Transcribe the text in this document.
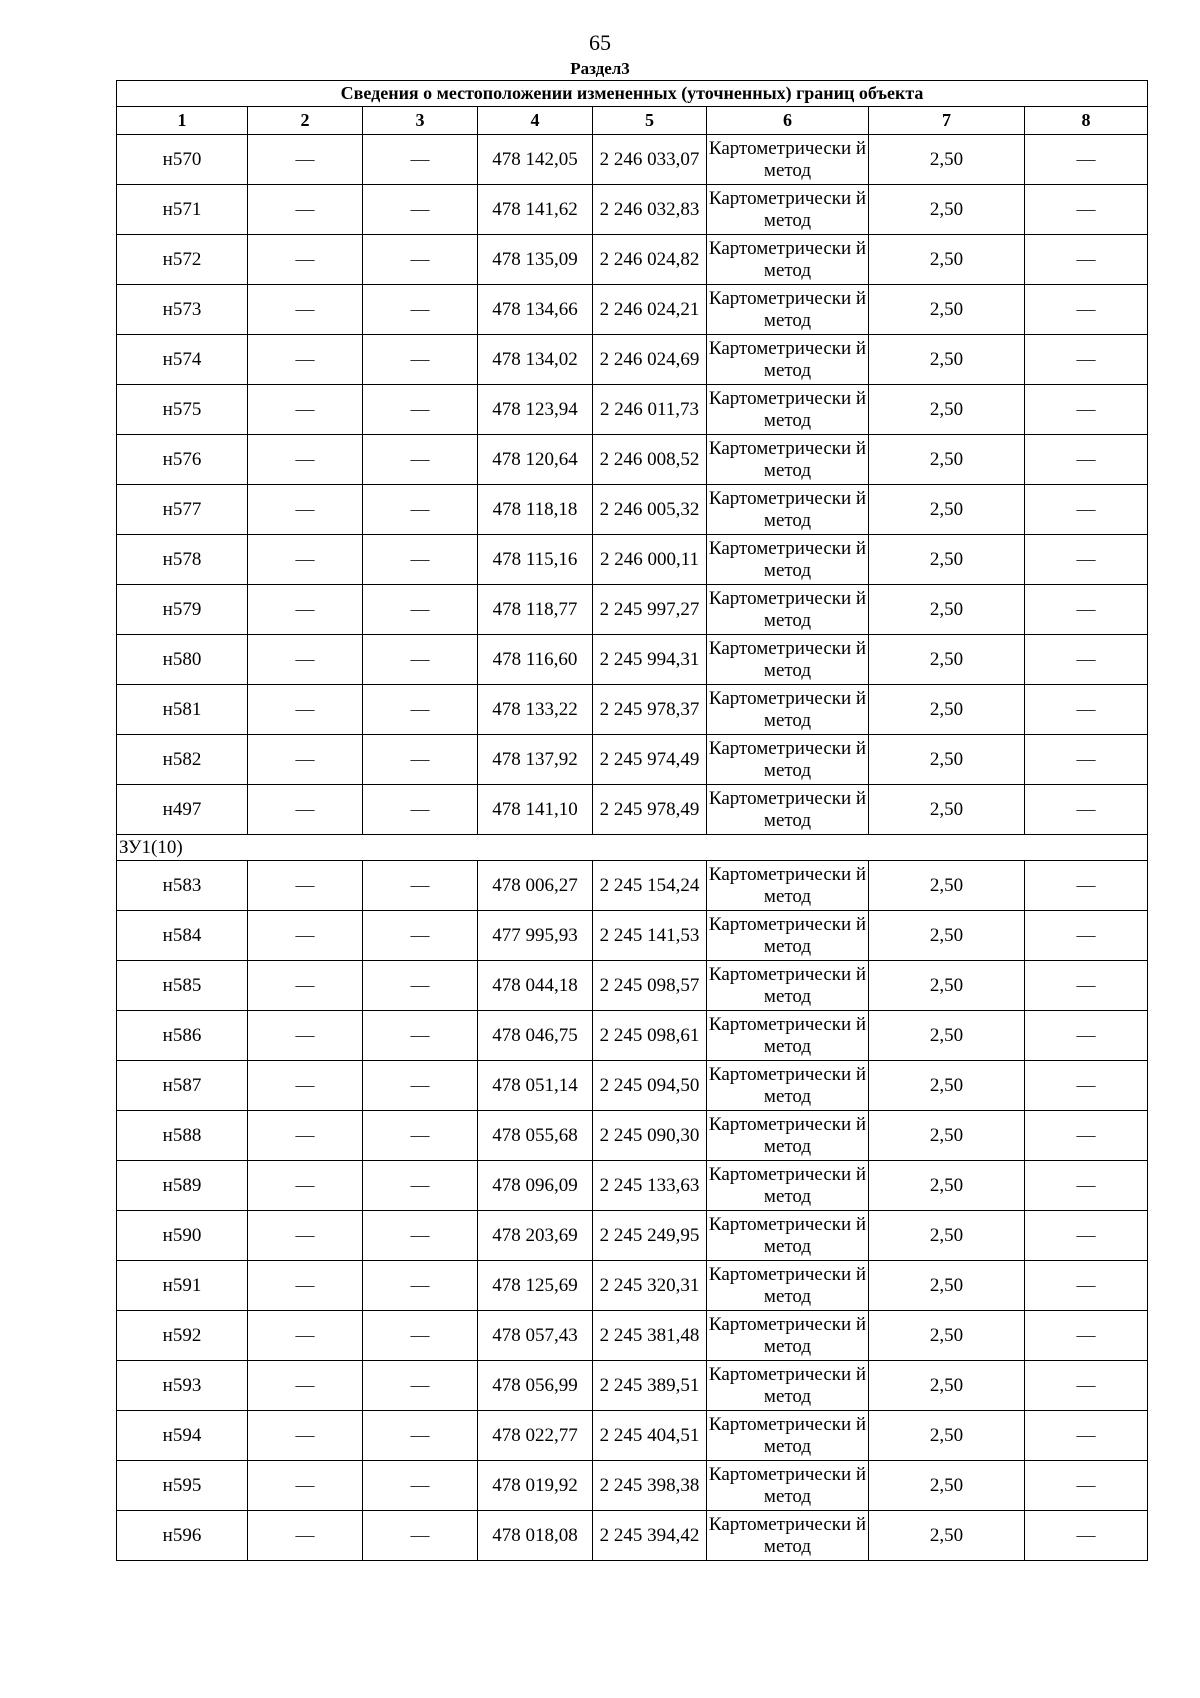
65
Раздел3
Сведения о местоположении измененных (уточненных) границ объекта							
1	2	3	4	5	6	7	8
н570	—	—	478 142,05	2 246 033,07	Картометрически й метод	2,50	—
н571	—	—	478 141,62	2 246 032,83	Картометрически й метод	2,50	—
н572	—	—	478 135,09	2 246 024,82	Картометрически й метод	2,50	—
н573	—	—	478 134,66	2 246 024,21	Картометрически й метод	2,50	—
н574	—	—	478 134,02	2 246 024,69	Картометрически й метод	2,50	—
н575	—	—	478 123,94	2 246 011,73	Картометрически й метод	2,50	—
н576	—	—	478 120,64	2 246 008,52	Картометрически й метод	2,50	—
н577	—	—	478 118,18	2 246 005,32	Картометрически й метод	2,50	—
н578	—	—	478 115,16	2 246 000,11	Картометрически й метод	2,50	—
н579	—	—	478 118,77	2 245 997,27	Картометрически й метод	2,50	—
н580	—	—	478 116,60	2 245 994,31	Картометрически й метод	2,50	—
н581	—	—	478 133,22	2 245 978,37	Картометрически й метод	2,50	—
н582	—	—	478 137,92	2 245 974,49	Картометрически й метод	2,50	—
н497	—	—	478 141,10	2 245 978,49	Картометрически й метод	2,50	—
ЗУ1(10)							
н583	—	—	478 006,27	2 245 154,24	Картометрически й метод	2,50	—
н584	—	—	477 995,93	2 245 141,53	Картометрически й метод	2,50	—
н585	—	—	478 044,18	2 245 098,57	Картометрически й метод	2,50	—
н586	—	—	478 046,75	2 245 098,61	Картометрически й метод	2,50	—
н587	—	—	478 051,14	2 245 094,50	Картометрически й метод	2,50	—
н588	—	—	478 055,68	2 245 090,30	Картометрически й метод	2,50	—
н589	—	—	478 096,09	2 245 133,63	Картометрически й метод	2,50	—
н590	—	—	478 203,69	2 245 249,95	Картометрически й метод	2,50	—
н591	—	—	478 125,69	2 245 320,31	Картометрически й метод	2,50	—
н592	—	—	478 057,43	2 245 381,48	Картометрически й метод	2,50	—
н593	—	—	478 056,99	2 245 389,51	Картометрически й метод	2,50	—
н594	—	—	478 022,77	2 245 404,51	Картометрически й метод	2,50	—
н595	—	—	478 019,92	2 245 398,38	Картометрически й метод	2,50	—
н596	—	—	478 018,08	2 245 394,42	Картометрически й метод	2,50	—
